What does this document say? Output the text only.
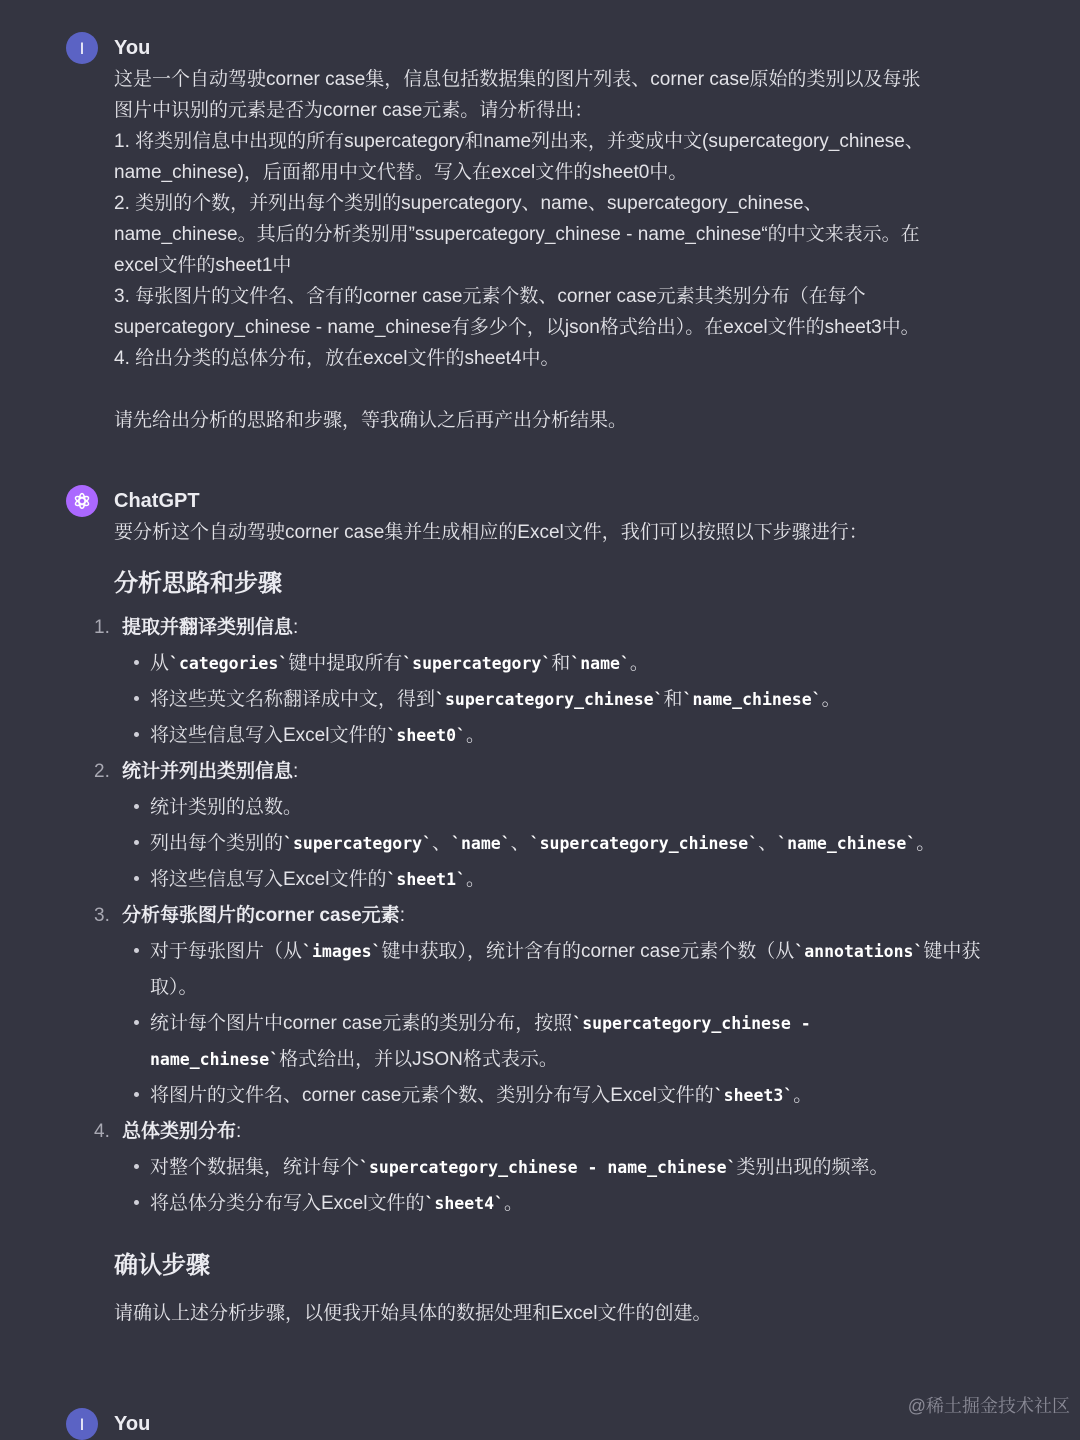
I You

这是一个自动驾驶corner case集，信息包括数据集的图片列表、corner case原始的类别以及每张

图片中识别的元素是否为corner case元素。请分析得出：

1. 将类别信息中出现的所有supercategory和name列出来，并变成中文(supercategory_chinese、

name_chinese)，后面都用中文代替。写入在excel文件的sheet0中。

2. 类别的个数，并列出每个类别的supercategory、name、supercategory_chinese、

name_chinese。其后的分析类别用”ssupercategory_chinese - name_chinese“的中文来表示。在

excel文件的sheet1中

3. 每张图片的文件名、含有的corner case元素个数、corner case元素其类别分布（在每个

supercategory_chinese - name_chinese有多少个，以json格式给出）。在excel文件的sheet3中。

4. 给出分类的总体分布，放在excel文件的sheet4中。

请先给出分析的思路和步骤，等我确认之后再产出分析结果。

ChatGPT

要分析这个自动驾驶corner case集并生成相应的Excel文件，我们可以按照以下步骤进行：

分析思路和步骤
1. 提取并翻译类别信息:
从`categories`键中提取所有`supercategory`和`name`。
将这些英文名称翻译成中文，得到`supercategory_chinese`和`name_chinese`。
将这些信息写入Excel文件的`sheet0`。
2. 统计并列出类别信息:
统计类别的总数。
列出每个类别的`supercategory`、`name`、`supercategory_chinese`、`name_chinese`。
将这些信息写入Excel文件的`sheet1`。
3. 分析每张图片的corner case元素:
对于每张图片（从`images`键中获取），统计含有的corner case元素个数（从`annotations`键中获取）。
统计每个图片中corner case元素的类别分布，按照`supercategory_chinese -
name_chinese`格式给出，并以JSON格式表示。
将图片的文件名、corner case元素个数、类别分布写入Excel文件的`sheet3`。
4. 总体类别分布:
对整个数据集，统计每个`supercategory_chinese - name_chinese`类别出现的频率。
将总体分类分布写入Excel文件的`sheet4`。
确认步骤

请确认上述分析步骤，以便我开始具体的数据处理和Excel文件的创建。

I You
@稀土掘金技术社区
